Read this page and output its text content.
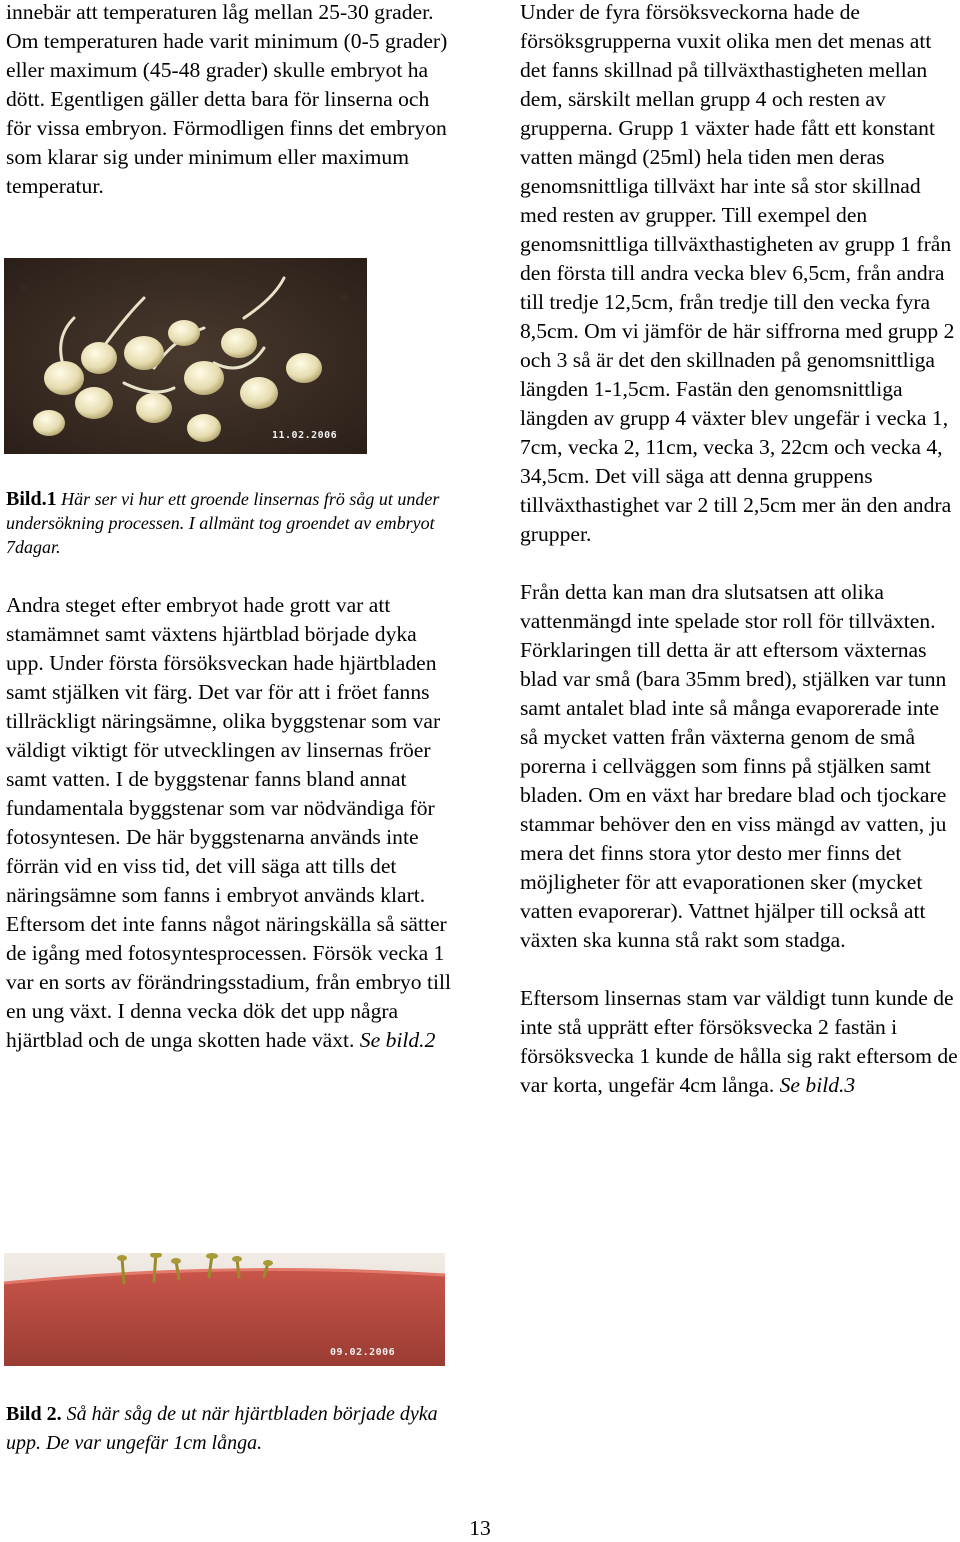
innebär att temperaturen låg mellan 25-30 grader. Om temperaturen hade varit minimum (0-5 grader) eller maximum (45-48 grader) skulle embryot ha dött. Egentligen gäller detta bara för linserna och för vissa embryon. Förmodligen finns det embryon som klarar sig under minimum eller maximum temperatur.

11.02.2006
Bild.1 Här ser vi hur ett groende linsernas frö såg ut under undersökning processen. I allmänt tog groendet av embryot 7dagar.

Andra steget efter embryot hade grott var att stamämnet samt växtens hjärtblad började dyka upp. Under första försöksveckan hade hjärtbladen samt stjälken vit färg. Det var för att i fröet fanns tillräckligt näringsämne, olika byggstenar som var väldigt viktigt för utvecklingen av linsernas fröer samt vatten. I de byggstenar fanns bland annat fundamentala byggstenar som var nödvändiga för fotosyntesen. De här byggstenarna används inte förrän vid en viss tid, det vill säga att tills det näringsämne som fanns i embryot används klart. Eftersom det inte fanns något näringskälla så sätter de igång med fotosyntesprocessen. Försök vecka 1 var en sorts av förändringsstadium, från embryo till en ung växt. I denna vecka dök det upp några hjärtblad och de unga skotten hade växt. Se bild.2

09.02.2006
Bild 2. Så här såg de ut när hjärtbladen började dyka upp. De var ungefär 1cm långa.

Under de fyra försöksveckorna hade de försöksgrupperna vuxit olika men det menas att det fanns skillnad på tillväxthastigheten mellan dem, särskilt mellan grupp 4 och resten av grupperna. Grupp 1 växter hade fått ett konstant vatten mängd (25ml) hela tiden men deras genomsnittliga tillväxt har inte så stor skillnad med resten av grupper. Till exempel den genomsnittliga tillväxthastigheten av grupp 1 från den första till andra vecka blev 6,5cm, från andra till tredje 12,5cm, från tredje till den vecka fyra 8,5cm. Om vi jämför de här siffrorna med grupp 2 och 3 så är det den skillnaden på genomsnittliga längden 1-1,5cm. Fastän den genomsnittliga längden av grupp 4 växter blev ungefär i vecka 1, 7cm, vecka 2, 11cm, vecka 3, 22cm och vecka 4, 34,5cm. Det vill säga att denna gruppens tillväxthastighet var 2 till 2,5cm mer än den andra grupper.

Från detta kan man dra slutsatsen att olika vattenmängd inte spelade stor roll för tillväxten. Förklaringen till detta är att eftersom växternas blad var små (bara 35mm bred), stjälken var tunn samt antalet blad inte så många evaporerade inte så mycket vatten från växterna genom de små porerna i cellväggen som finns på stjälken samt bladen. Om en växt har bredare blad och tjockare stammar behöver den en viss mängd av vatten, ju mera det finns stora ytor desto mer finns det möjligheter för att evaporationen sker (mycket vatten evaporerar). Vattnet hjälper till också att växten ska kunna stå rakt som stadga.

Eftersom linsernas stam var väldigt tunn kunde de inte stå upprätt efter försöksvecka 2 fastän i försöksvecka 1 kunde de hålla sig rakt eftersom de var korta, ungefär 4cm långa. Se bild.3

13
